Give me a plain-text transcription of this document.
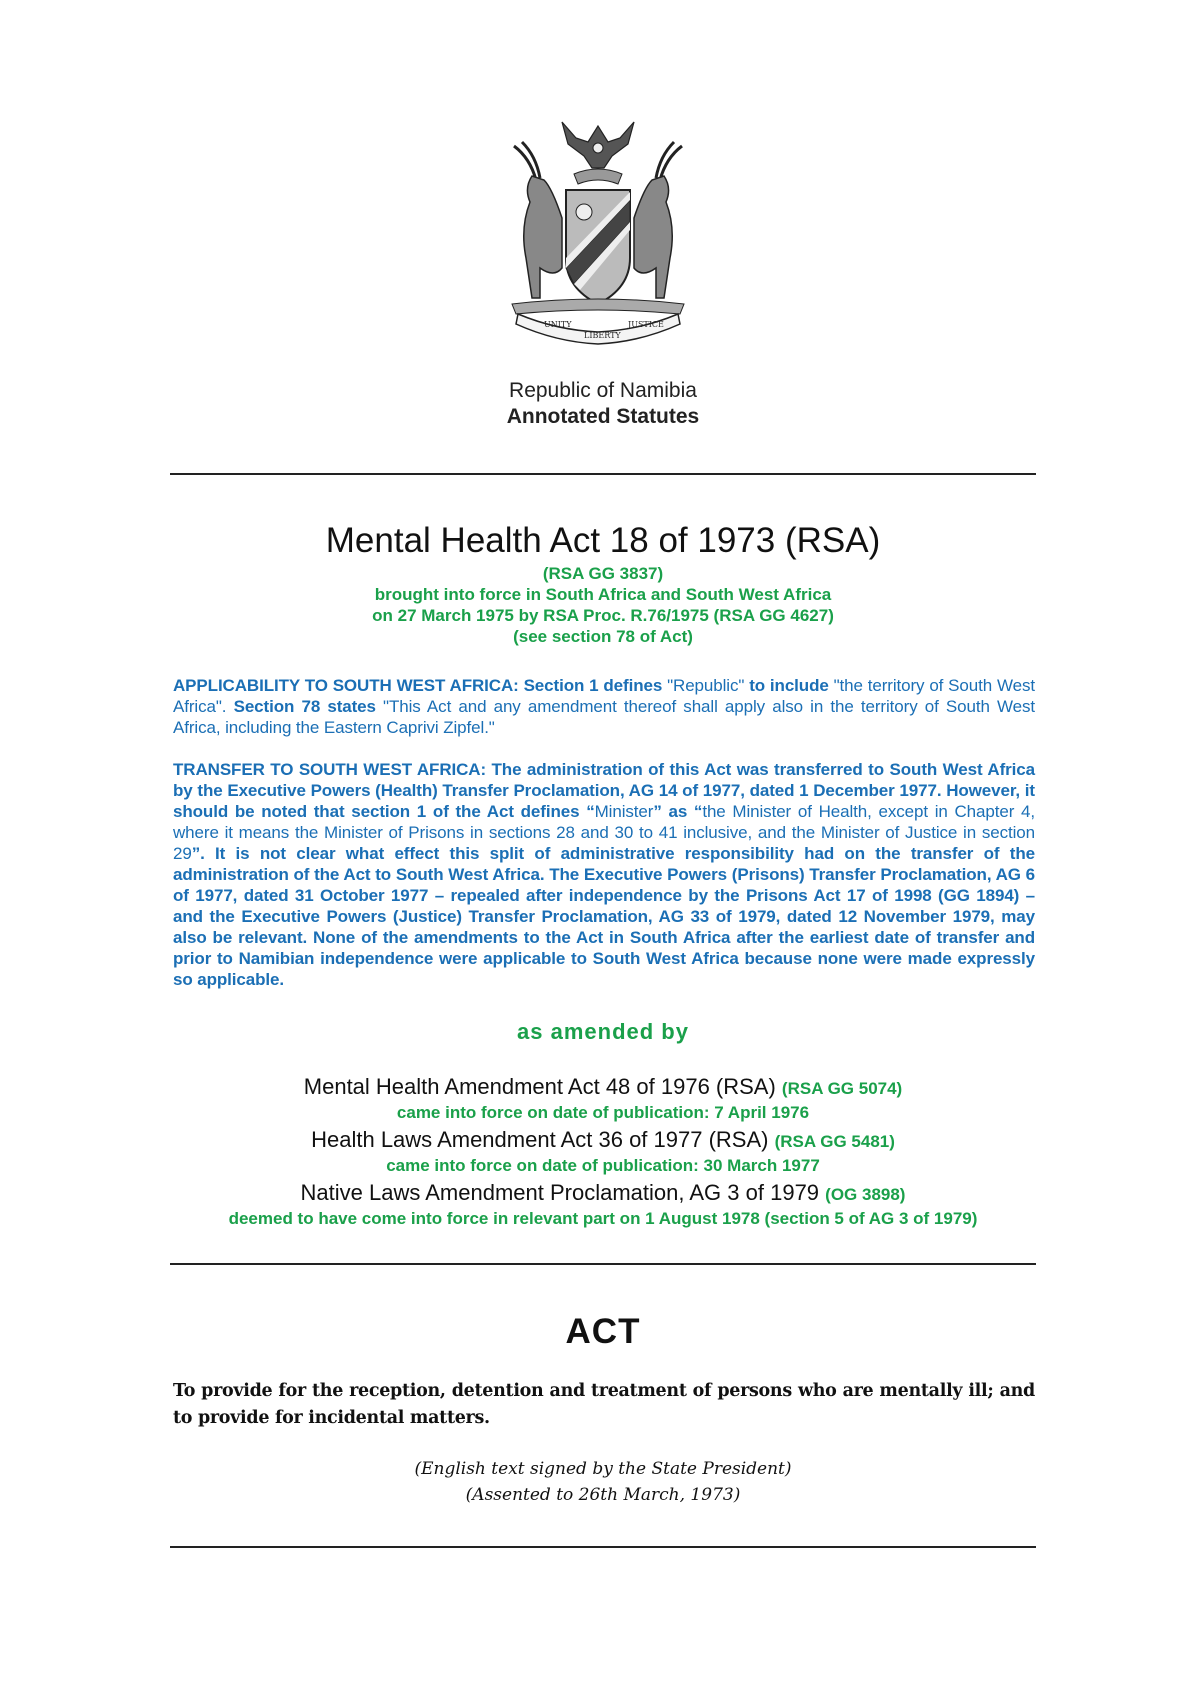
UNITY
LIBERTY
JUSTICE
Republic of Namibia
Annotated Statutes
Mental Health Act 18 of 1973 (RSA)
(RSA GG 3837)
brought into force in South Africa and South West Africa
on 27 March 1975 by RSA Proc. R.76/1975 (RSA GG 4627)
(see section 78 of Act)
APPLICABILITY TO SOUTH WEST AFRICA: Section 1 defines "Republic" to include "the territory of South West Africa". Section 78 states "This Act and any amendment thereof shall apply also in the territory of South West Africa, including the Eastern Caprivi Zipfel."
TRANSFER TO SOUTH WEST AFRICA: The administration of this Act was transferred to South West Africa by the Executive Powers (Health) Transfer Proclamation, AG 14 of 1977, dated 1 December 1977. However, it should be noted that section 1 of the Act defines “Minister” as “the Minister of Health, except in Chapter 4, where it means the Minister of Prisons in sections 28 and 30 to 41 inclusive, and the Minister of Justice in section 29”. It is not clear what effect this split of administrative responsibility had on the transfer of the administration of the Act to South West Africa. The Executive Powers (Prisons) Transfer Proclamation, AG 6 of 1977, dated 31 October 1977 – repealed after independence by the Prisons Act 17 of 1998 (GG 1894) – and the Executive Powers (Justice) Transfer Proclamation, AG 33 of 1979, dated 12 November 1979, may also be relevant. None of the amendments to the Act in South Africa after the earliest date of transfer and prior to Namibian independence were applicable to South West Africa because none were made expressly so applicable.
as amended by
Mental Health Amendment Act 48 of 1976 (RSA) (RSA GG 5074)
came into force on date of publication: 7 April 1976
Health Laws Amendment Act 36 of 1977 (RSA) (RSA GG 5481)
came into force on date of publication: 30 March 1977
Native Laws Amendment Proclamation, AG 3 of 1979 (OG 3898)
deemed to have come into force in relevant part on 1 August 1978 (section 5 of AG 3 of 1979)
ACT
To provide for the reception, detention and treatment of persons who are mentally ill; and to provide for incidental matters.
(English text signed by the State President)
(Assented to 26th March, 1973)
